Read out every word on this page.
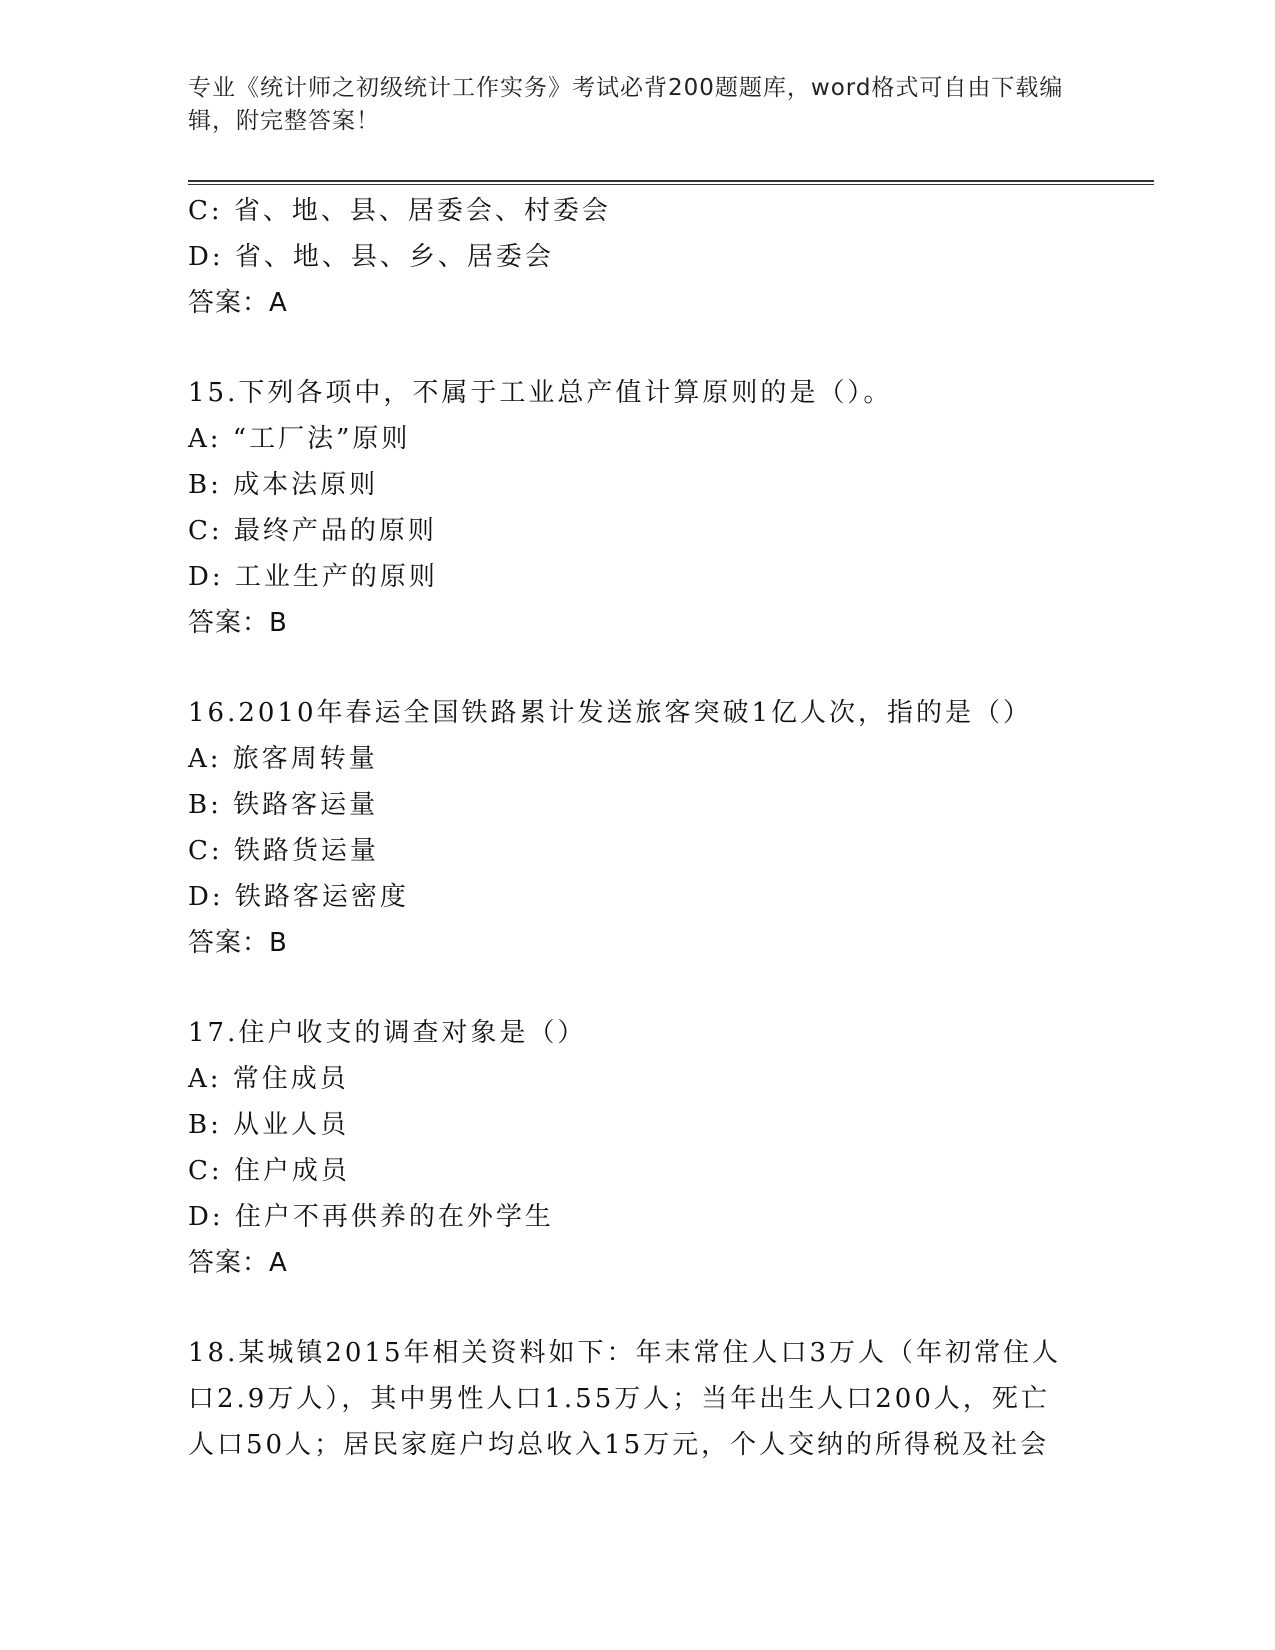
专业《统计师之初级统计工作实务》考试必背200题题库，word格式可自由下载编辑，附完整答案！
C: 省、地、县、居委会、村委会
D: 省、地、县、乡、居委会
答案：A
15.下列各项中，不属于工业总产值计算原则的是（）。
A: “工厂法”原则
B: 成本法原则
C: 最终产品的原则
D: 工业生产的原则
答案：B
16.2010年春运全国铁路累计发送旅客突破1亿人次，指的是（）
A: 旅客周转量
B: 铁路客运量
C: 铁路货运量
D: 铁路客运密度
答案：B
17.住户收支的调查对象是（）
A: 常住成员
B: 从业人员
C: 住户成员
D: 住户不再供养的在外学生
答案：A
18.某城镇2015年相关资料如下：年末常住人口3万人（年初常住人口2.9万人），其中男性人口1.55万人；当年出生人口200人，死亡人口50人；居民家庭户均总收入15万元，个人交纳的所得税及社会
